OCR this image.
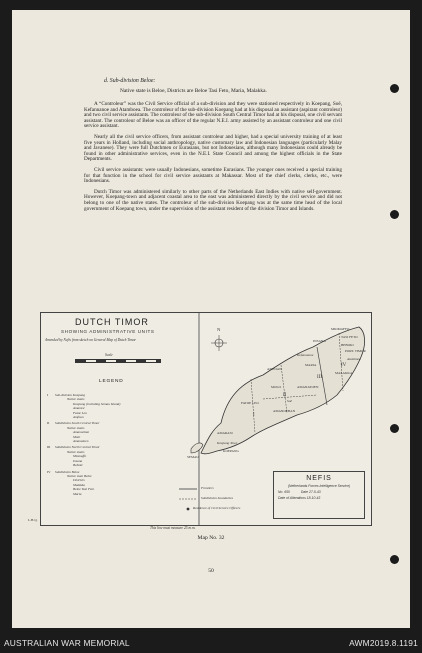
d. Sub-division Beloe:
Native state is Beloe, Districts are Beloe Tasi Feto, Maria, Malakka.

A “Controleur” was the Civil Service official of a sub-division and they were stationed respectively in Koepang, Soë, Kefannanoe and Atamboea. The controleur of the sub-division Koepang had at his disposal an assistant (aspirant controleur) and two civil service assistants. The controleur of the sub-division South Central Timor had at his disposal, one civil servant assistant. The controleur of Beloe was an officer of the regular N.E.I. army assisted by an assistant controleur and one civil service assistant.

Nearly all the civil service officers, from assistant controleur and higher, had a special university training of at least five years in Holland, including social anthropology, native customary law and Indonesian languages (particularly Malay and Javanese). They were full Dutchmen or Eurasians, but not Indonesians, although many Indonesians could already be found in other administrative services, even in the N.E.I. State Council and among the highest officials in the State Departments.

Civil service assistants: were usually Indonesians, sometime Eurasians. The younger ones received a special training for that function in the school for civil service assistants at Makassar. Most of the chief clerks, clerks, etc., were Indonesians.

Dutch Timor was administered similarly to other parts of the Netherlands East Indies with native self-government. However, Koepang-town and adjacent coastal area to the east was administered directly by the civil service and did not belong to one of the native states. The controleur of the sub-division Koepang was at the same time head of the local government of Koepang town, under the supervision of the assistant resident of the division Timor and Islands.

DUTCH TIMOR
SHOWING ADMINISTRATIVE UNITS
Amended by Nefis from sketch on General Map of Dutch Timor
Scale
N
LEGEND
I Sub-division Koepang
Native states
Koepang (including Semau Island)
Amarasi
Fatoe Leo
Amfoan
II Subdivision South Central Timor
Native states
Amanoeban
Molo
Amanatoen
III Subdivision North Central Timor
Native states
Miomaffo
Insana
Beboki
IV Subdivision Beloe
Native state Beloe
Districts
Malakka
Beloe Tasi Feto
Maria
Frontiers
Subdivision boundaries
Residence of Civil Service Officers
MIOMAFFO
INSANA
BEBOKI
MARIA
MALAKKA
AMFOAN
Kefannanoe
Atamboea
TASI FETO
MOLO	AMANATOEN
Soë
FATOE LEO
AMANOEBAN
AMARASI
Koepang Town
KOEPANG
SEMAU
PORT. TIMOR
I
II
III
IV
NEFIS
(Netherlands Forces Intelligence Service)
No. 650	Date 27-5-43
Date of Alterations 18-10-43
L.H.Q.
This line must measure 25 m.m.
Map No. 32
50
AUSTRALIAN WAR MEMORIAL	AWM2019.8.1191
